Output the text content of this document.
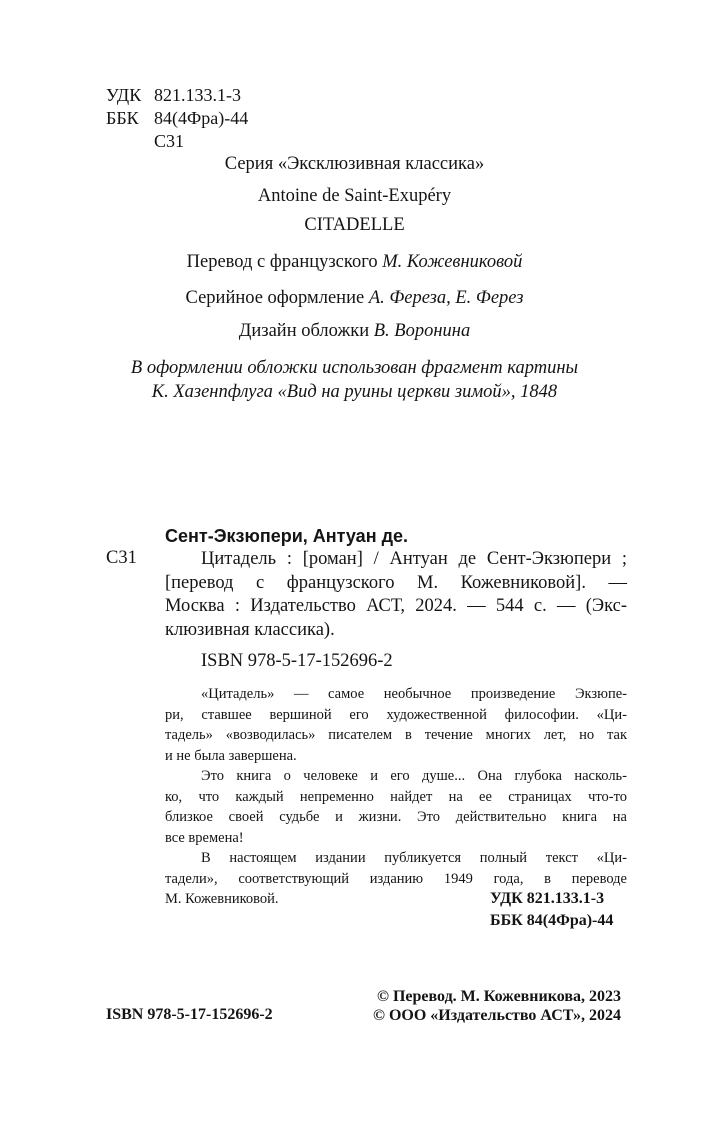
УДК 821.133.1-3
ББК 84(4Фра)-44
С31
Серия «Эксклюзивная классика»
Antoine de Saint-Exupéry
CITADELLE
Перевод с французского М. Кожевниковой
Серийное оформление А. Фереза, Е. Ферез
Дизайн обложки В. Воронина
В оформлении обложки использован фрагмент картины
К. Хазенпфлуга «Вид на руины церкви зимой», 1848
Сент-Экзюпери, Антуан де.
С31	Цитадель : [роман] / Антуан де Сент-Экзюпери ;
[перевод с французского М. Кожевниковой]. —
Москва : Издательство АСТ, 2024. — 544 с. — (Экс-
клюзивная классика).
ISBN 978-5-17-152696-2
«Цитадель» — самое необычное произведение Экзюпе-
ри, ставшее вершиной его художественной философии. «Ци-
тадель» «возводилась» писателем в течение многих лет, но так
и не была завершена.
Это книга о человеке и его душе... Она глубока насколь-
ко, что каждый непременно найдет на ее страницах что-то
близкое своей судьбе и жизни. Это действительно книга на
все времена!
В настоящем издании публикуется полный текст «Ци-
тадели», соответствующий изданию 1949 года, в переводе
М. Кожевниковой.	УДК 821.133.1-3
ББК 84(4Фра)-44
ISBN 978-5-17-152696-2
© Перевод. М. Кожевникова, 2023
© ООО «Издательство АСТ», 2024
